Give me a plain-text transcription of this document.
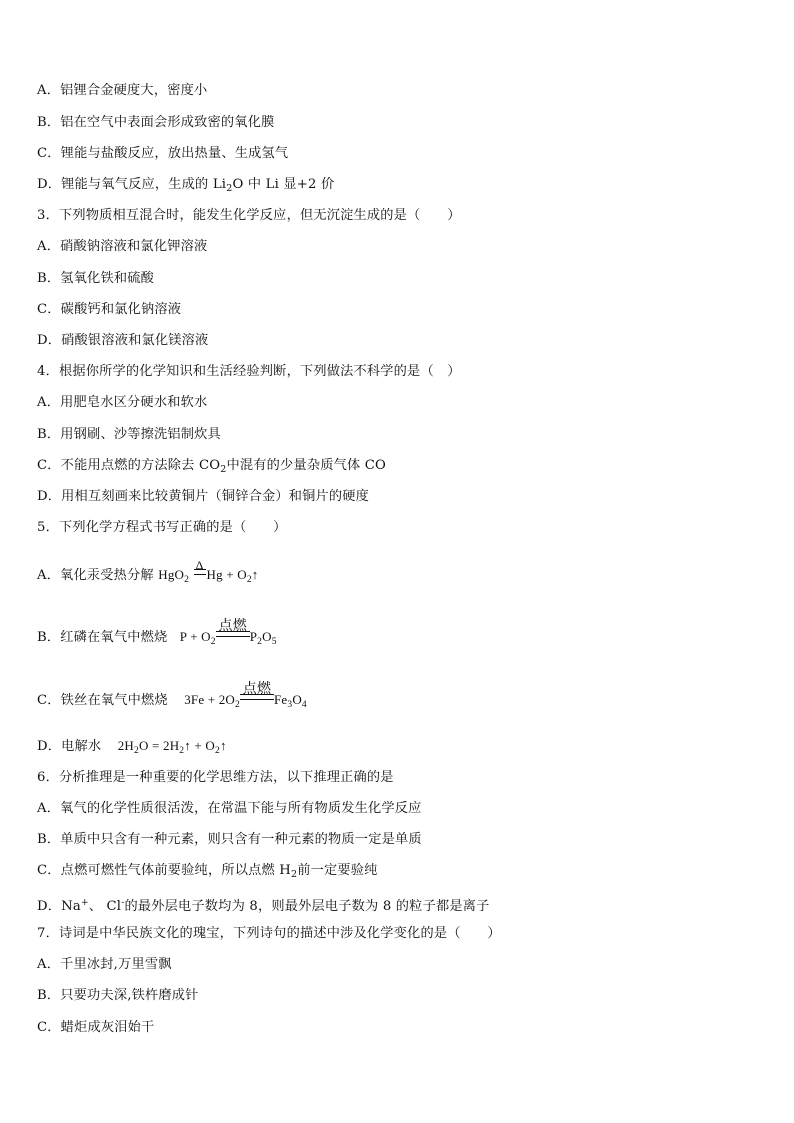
A．铝锂合金硬度大，密度小
B．铝在空气中表面会形成致密的氧化膜
C．锂能与盐酸反应，放出热量、生成氢气
D．锂能与氧气反应，生成的 $Li_2O$ 中 Li 显+2 价
3．下列物质相互混合时，能发生化学反应，但无沉淀生成的是（　　）
A．硝酸钠溶液和氯化钾溶液
B．氢氧化铁和硫酸
C．碳酸钙和氯化钠溶液
D．硝酸银溶液和氯化镁溶液
4．根据你所学的化学知识和生活经验判断，下列做法不科学的是（　）
A．用肥皂水区分硬水和软水
B．用钢刷、沙等擦洗铝制炊具
C．不能用点燃的方法除去 $CO_2$中混有的少量杂质气体 CO
D．用相互刻画来比较黄铜片（铜锌合金）和铜片的硬度
5．下列化学方程式书写正确的是（　　）
A．氧化汞受热分解 HgO$_2$
Δ
$Hg + O_2↑$
B．红磷在氧气中燃烧 $P + O_2$
点燃
$P_2O_5$
C．铁丝在氧气中燃烧 $3Fe + 2O_2$
点燃
$Fe_3O_4$
D．电解水 $2H_2O$ = $2H_2↑$ + $O_2↑$
6．分析推理是一种重要的化学思维方法，以下推理正确的是
A．氧气的化学性质很活泼，在常温下能与所有物质发生化学反应
B．单质中只含有一种元素，则只含有一种元素的物质一定是单质
C．点燃可燃性气体前要验纯，所以点燃 $H_2$前一定要验纯
D．Na+、 Cl-的最外层电子数均为 8，则最外层电子数为 8 的粒子都是离子
7．诗词是中华民族文化的瑰宝，下列诗句的描述中涉及化学变化的是（　　）
A．千里冰封,万里雪飘
B．只要功夫深,铁杵磨成针
C．蜡炬成灰泪始干
